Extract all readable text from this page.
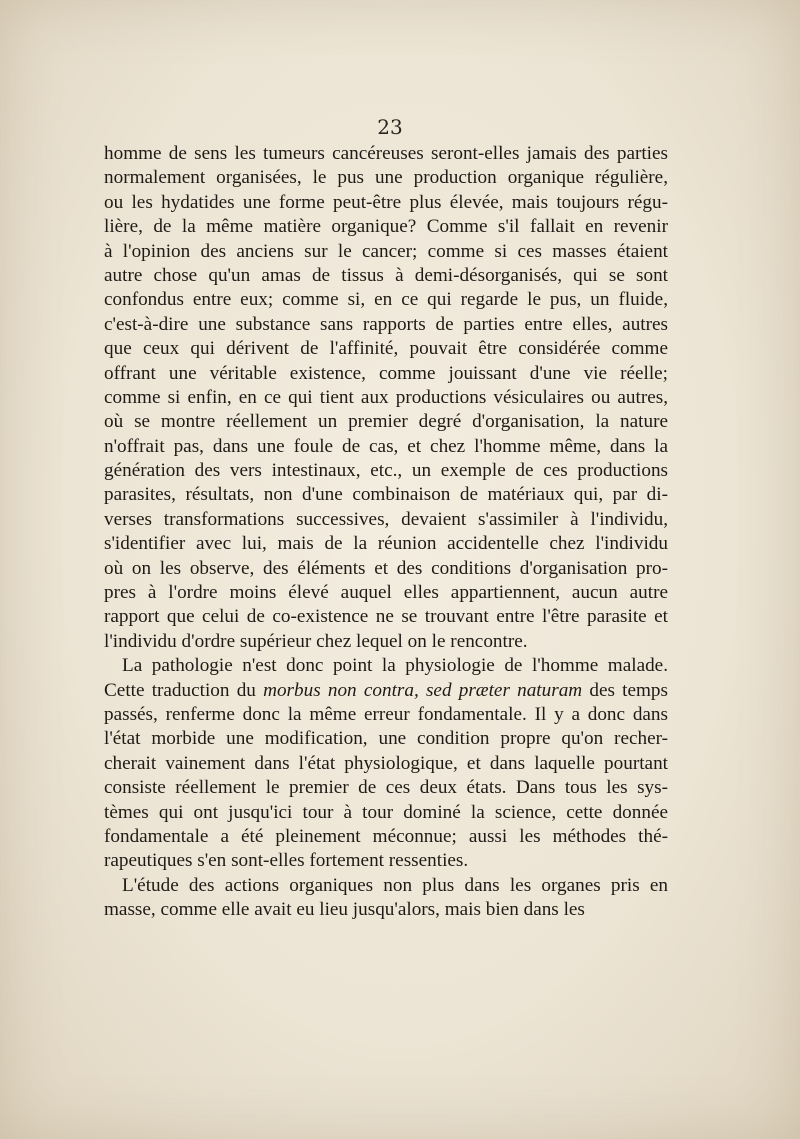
23
homme de sens les tumeurs cancéreuses seront-elles jamais des parties
normalement organisées, le pus une production organique régulière,
ou les hydatides une forme peut-être plus élevée, mais toujours régu-
lière, de la même matière organique? Comme s'il fallait en revenir
à l'opinion des anciens sur le cancer; comme si ces masses étaient
autre chose qu'un amas de tissus à demi-désorganisés, qui se sont
confondus entre eux; comme si, en ce qui regarde le pus, un fluide,
c'est-à-dire une substance sans rapports de parties entre elles, autres
que ceux qui dérivent de l'affinité, pouvait être considérée comme
offrant une véritable existence, comme jouissant d'une vie réelle;
comme si enfin, en ce qui tient aux productions vésiculaires ou autres,
où se montre réellement un premier degré d'organisation, la nature
n'offrait pas, dans une foule de cas, et chez l'homme même, dans la
génération des vers intestinaux, etc., un exemple de ces productions
parasites, résultats, non d'une combinaison de matériaux qui, par di-
verses transformations successives, devaient s'assimiler à l'individu,
s'identifier avec lui, mais de la réunion accidentelle chez l'individu
où on les observe, des éléments et des conditions d'organisation pro-
pres à l'ordre moins élevé auquel elles appartiennent, aucun autre
rapport que celui de co-existence ne se trouvant entre l'être parasite et
l'individu d'ordre supérieur chez lequel on le rencontre.
La pathologie n'est donc point la physiologie de l'homme malade.
Cette traduction du morbus non contra, sed præter naturam des temps
passés, renferme donc la même erreur fondamentale. Il y a donc dans
l'état morbide une modification, une condition propre qu'on recher-
cherait vainement dans l'état physiologique, et dans laquelle pourtant
consiste réellement le premier de ces deux états. Dans tous les sys-
tèmes qui ont jusqu'ici tour à tour dominé la science, cette donnée
fondamentale a été pleinement méconnue; aussi les méthodes thé-
rapeutiques s'en sont-elles fortement ressenties.
L'étude des actions organiques non plus dans les organes pris en
masse, comme elle avait eu lieu jusqu'alors, mais bien dans les
